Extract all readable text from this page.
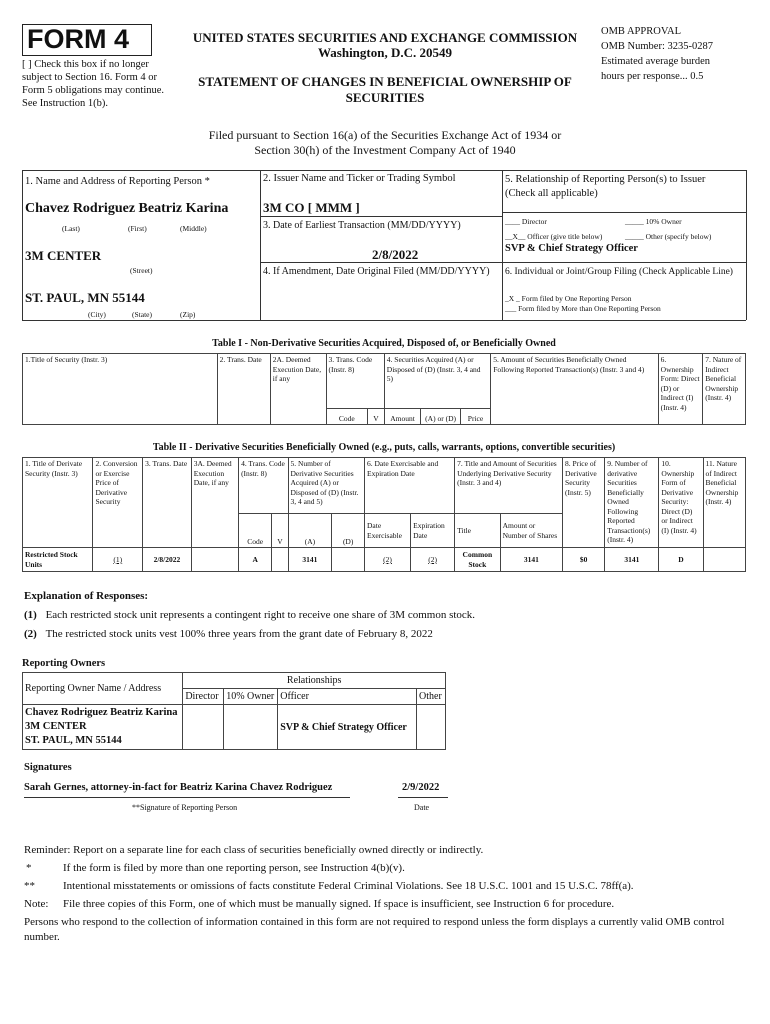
FORM 4
[ ] Check this box if no longer subject to Section 16. Form 4 or Form 5 obligations may continue. See Instruction 1(b).
UNITED STATES SECURITIES AND EXCHANGE COMMISSION
Washington, D.C. 20549
STATEMENT OF CHANGES IN BENEFICIAL OWNERSHIP OF
SECURITIES
OMB APPROVAL
OMB Number: 3235-0287
Estimated average burden
hours per response... 0.5
Filed pursuant to Section 16(a) of the Securities Exchange Act of 1934 or
Section 30(h) of the Investment Company Act of 1940
1. Name and Address of Reporting Person *
Chavez Rodriguez Beatriz Karina
(Last)	(First)	(Middle)
3M CENTER
(Street)
ST. PAUL, MN 55144
(City)	(State)	(Zip)
2. Issuer Name and Ticker or Trading Symbol
3M CO [ MMM ]
3. Date of Earliest Transaction (MM/DD/YYYY)
2/8/2022
4. If Amendment, Date Original Filed (MM/DD/YYYY)
5. Relationship of Reporting Person(s) to Issuer
(Check all applicable)
____ Director	_____ 10% Owner
__X__ Officer (give title below)	_____ Other (specify below)
SVP & Chief Strategy Officer
6. Individual or Joint/Group Filing (Check Applicable Line)
_X _ Form filed by One Reporting Person
___ Form filed by More than One Reporting Person
Table I - Non-Derivative Securities Acquired, Disposed of, or Beneficially Owned
1.Title of Security (Instr. 3)	2. Trans. Date	2A. Deemed Execution Date, if any	3. Trans. Code (Instr. 8)		4. Securities Acquired (A) or Disposed of (D) (Instr. 3, 4 and 5)			5. Amount of Securities Beneficially Owned Following Reported Transaction(s) (Instr. 3 and 4)	6. Ownership Form: Direct (D) or Indirect (I) (Instr. 4)	7. Nature of Indirect Beneficial Ownership (Instr. 4)
			Code	V	Amount	(A) or (D)	Price			
Table II - Derivative Securities Beneficially Owned (e.g., puts, calls, warrants, options, convertible securities)
1. Title of Derivate Security (Instr. 3)	2. Conversion or Exercise Price of Derivative Security	3. Trans. Date	3A. Deemed Execution Date, if any	4. Trans. Code (Instr. 8)		5. Number of Derivative Securities Acquired (A) or Disposed of (D) (Instr. 3, 4 and 5)		6. Date Exercisable and Expiration Date		7. Title and Amount of Securities Underlying Derivative Security (Instr. 3 and 4)		8. Price of Derivative Security (Instr. 5)	9. Number of derivative Securities Beneficially Owned Following Reported Transaction(s) (Instr. 4)	10. Ownership Form of Derivative Security: Direct (D) or Indirect (I) (Instr. 4)	11. Nature of Indirect Beneficial Ownership (Instr. 4)
				Code	V	(A)	(D)	Date Exercisable	Expiration Date	Title	Amount or Number of Shares				
Restricted Stock Units	(1)	2/8/2022		A		3141		(2)	(2)	Common Stock	3141	$0	3141	D	
Explanation of Responses:
(1) Each restricted stock unit represents a contingent right to receive one share of 3M common stock.
(2) The restricted stock units vest 100% three years from the grant date of February 8, 2022
Reporting Owners
Reporting Owner Name / Address	Relationships			
	Director	10% Owner	Officer	Other

Chavez Rodriguez Beatriz Karina
3M CENTER
ST. PAUL, MN 55144			SVP & Chief Strategy Officer	
Signatures
Sarah Gernes, attorney-in-fact for Beatriz Karina Chavez Rodriguez	2/9/2022
**Signature of Reporting Person	Date
Reminder: Report on a separate line for each class of securities beneficially owned directly or indirectly.
*	If the form is filed by more than one reporting person, see Instruction 4(b)(v).
**	Intentional misstatements or omissions of facts constitute Federal Criminal Violations. See 18 U.S.C. 1001 and 15 U.S.C. 78ff(a).
Note: File three copies of this Form, one of which must be manually signed. If space is insufficient, see Instruction 6 for procedure.
Persons who respond to the collection of information contained in this form are not required to respond unless the form displays a currently valid OMB control number.
